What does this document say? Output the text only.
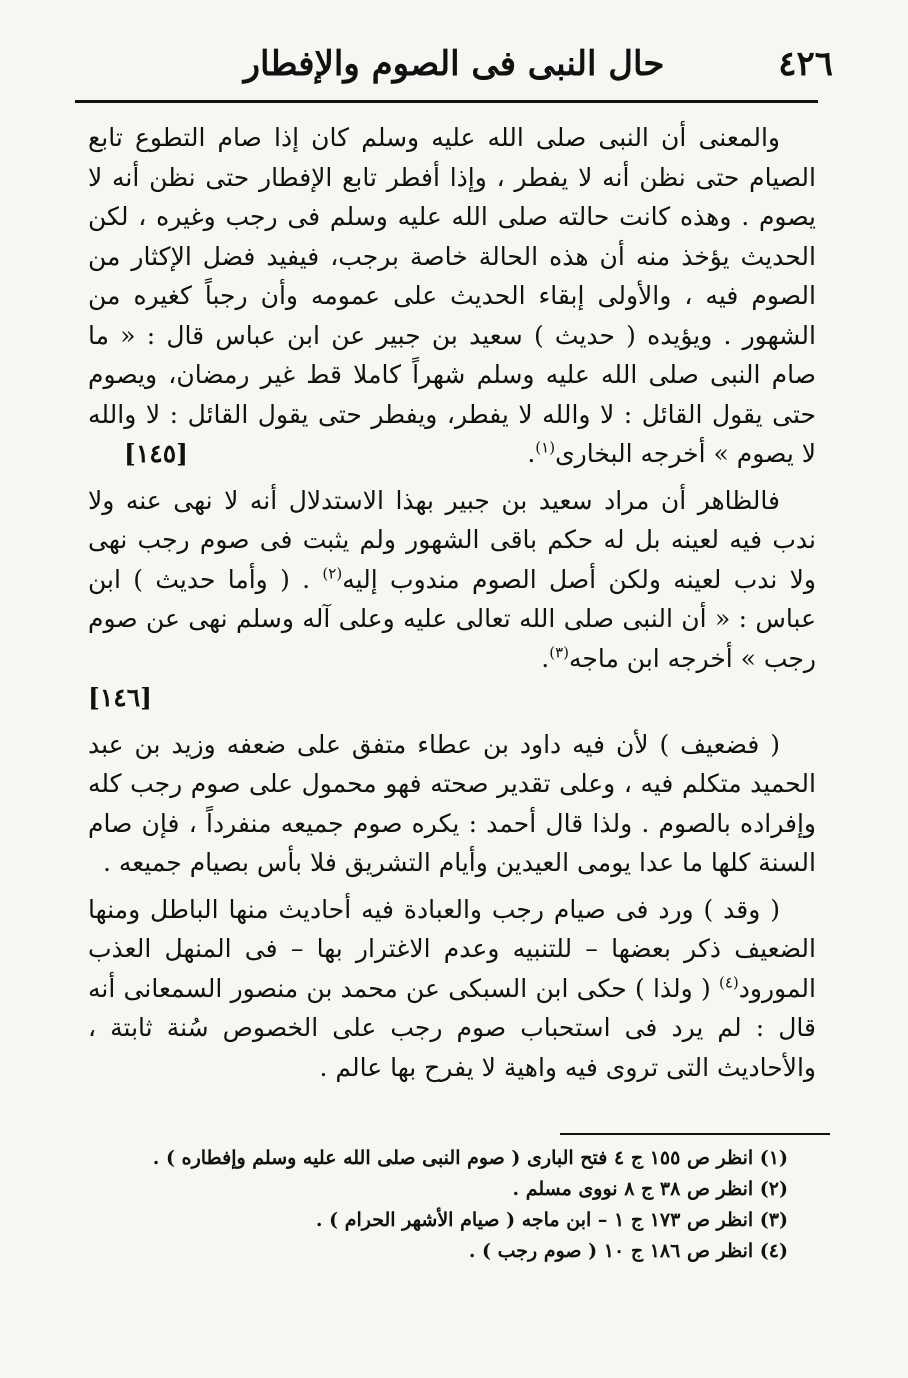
٤٢٦
حال النبى فى الصوم والإفطار

والمعنى أن النبى صلى الله عليه وسلم كان إذا صام التطوع تابع الصيام حتى نظن أنه لا يفطر ، وإذا أفطر تابع الإفطار حتى نظن أنه لا يصوم . وهذه كانت حالته صلى الله عليه وسلم فى رجب وغيره ، لكن الحديث يؤخذ منه أن هذه الحالة خاصة برجب، فيفيد فضل الإكثار من الصوم فيه ، والأولى إبقاء الحديث على عمومه وأن رجباً كغيره من الشهور . ويؤيده ( حديث ) سعيد بن جبير عن ابن عباس قال : « ما صام النبى صلى الله عليه وسلم شهراً كاملا قط غير رمضان، ويصوم حتى يقول القائل : لا والله لا يفطر، ويفطر حتى يقول القائل : لا والله لا يصوم » أخرجه البخارى$^{(١)}$.
[١٤٥]

فالظاهر أن مراد سعيد بن جبير بهذا الاستدلال أنه لا نهى عنه ولا ندب فيه لعينه بل له حكم باقى الشهور ولم يثبت فى صوم رجب نهى ولا ندب لعينه ولكن أصل الصوم مندوب إليه$^{(٢)}$ . ( وأما حديث ) ابن عباس : « أن النبى صلى الله تعالى عليه وعلى آله وسلم نهى عن صوم رجب » أخرجه ابن ماجه$^{(٣)}$.

[١٤٦]

( فضعيف ) لأن فيه داود بن عطاء متفق على ضعفه وزيد بن عبد الحميد متكلم فيه ، وعلى تقدير صحته فهو محمول على صوم رجب كله وإفراده بالصوم . ولذا قال أحمد : يكره صوم جميعه منفرداً ، فإن صام السنة كلها ما عدا يومى العيدين وأيام التشريق فلا بأس بصيام جميعه .

( وقد ) ورد فى صيام رجب والعبادة فيه أحاديث منها الباطل ومنها الضعيف ذكر بعضها – للتنبيه وعدم الاغترار بها – فى المنهل العذب المورود$^{(٤)}$ ( ولذا ) حكى ابن السبكى عن محمد بن منصور السمعانى أنه قال : لم يرد فى استحباب صوم رجب على الخصوص سُنة ثابتة ، والأحاديث التى تروى فيه واهية لا يفرح بها عالم .

(١) انظر ص ١٥٥ ج ٤ فتح البارى ( صوم النبى صلى الله عليه وسلم وإفطاره ) .
(٢) انظر ص ٣٨ ج ٨ نووى مسلم .
(٣) انظر ص ١٧٣ ج ١ – ابن ماجه ( صيام الأشهر الحرام ) .
(٤) انظر ص ١٨٦ ج ١٠ ( صوم رجب ) .
